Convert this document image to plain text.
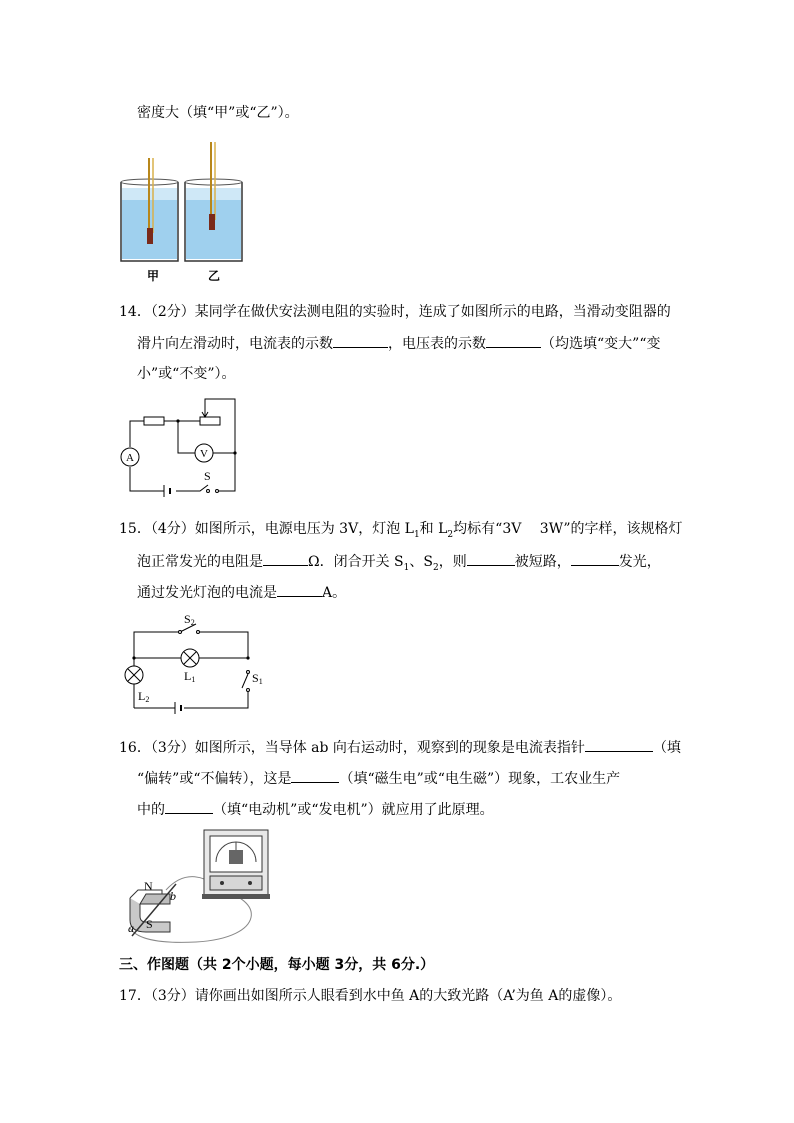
密度大（填“甲”或“乙”）。
甲	乙
14．（2分）某同学在做伏安法测电阻的实验时，连成了如图所示的电路，当滑动变阻器的
滑片向左滑动时，电流表的示数	，电压表的示数	（均选填“变大”“变
小”或“不变”）。
A	V
S
15．（4分）如图所示，电源电压为 3V，灯泡 $L_1$和 $L_2$均标有“3V　 3W”的字样，该规格灯
泡正常发光的电阻是	Ω．闭合开关 $S_1$、$S_2$，则	被短路，	发光，
通过发光灯泡的电流是	A。
S2
S1
L1
L2
16．（3分）如图所示，当导体 ab 向右运动时，观察到的现象是电流表指针	（填
“偏转”或“不偏转），这是	（填“磁生电”或“电生磁”）现象，工农业生产
中的	（填“电动机”或“发电机”）就应用了此原理。
N
S
b
a
三、作图题（共 2个小题，每小题 3分，共 6分.）
17．（3分）请你画出如图所示人眼看到水中鱼 A的大致光路（A’为鱼 A的虚像）。
